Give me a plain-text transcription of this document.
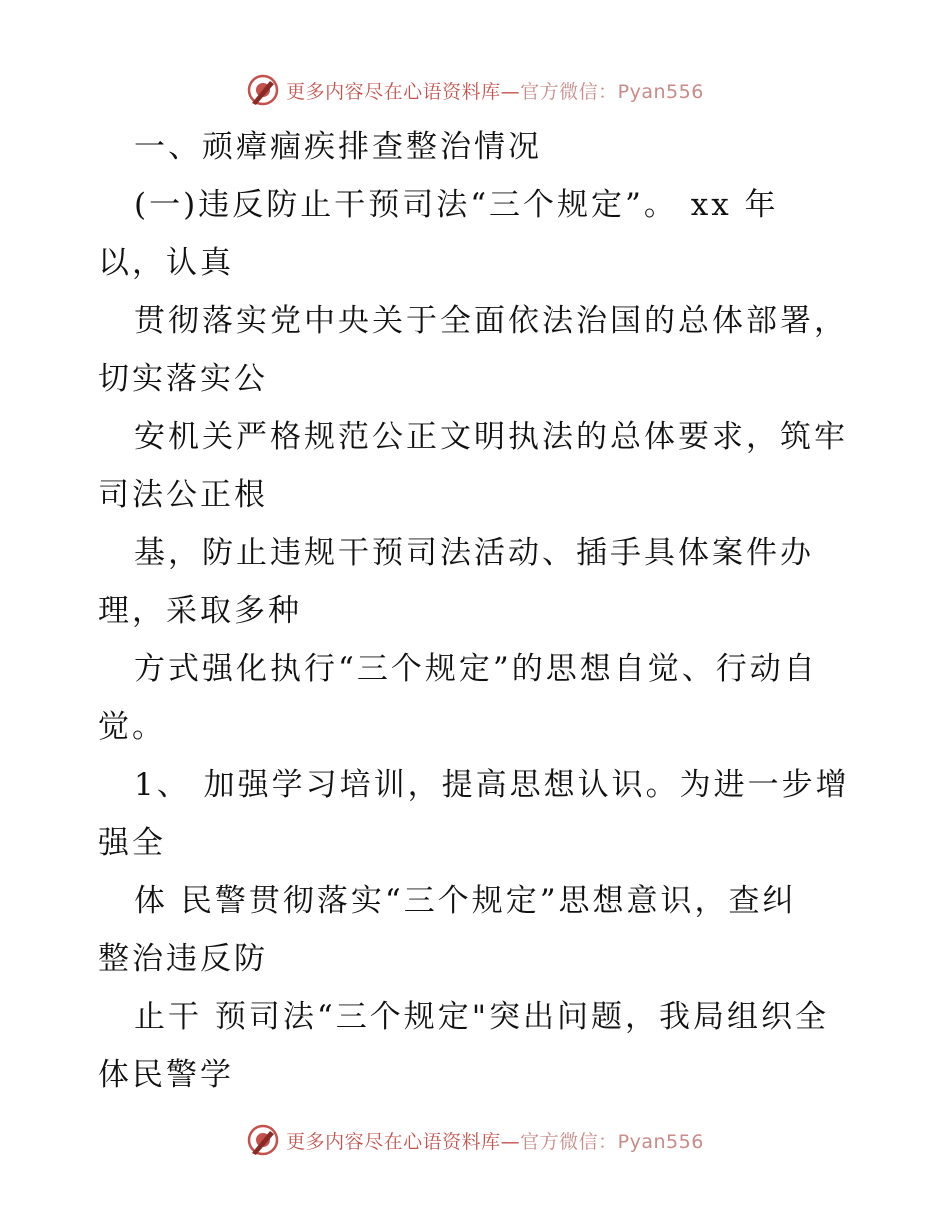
更多内容尽在心语资料库—官方微信：Pyan556
一、顽瘴痼疾排查整治情况
(一)违反防止干预司法“三个规定”。 xx 年
以，认真
贯彻落实党中央关于全面依法治国的总体部署，
切实落实公
安机关严格规范公正文明执法的总体要求，筑牢
司法公正根
基，防止违规干预司法活动、插手具体案件办
理，采取多种
方式强化执行“三个规定”的思想自觉、行动自
觉。
1、 加强学习培训，提高思想认识。为进一步增
强全
体 民警贯彻落实“三个规定”思想意识，查纠
整治违反防
止干 预司法“三个规定"突出问题，我局组织全
体民警学
更多内容尽在心语资料库—官方微信：Pyan556
